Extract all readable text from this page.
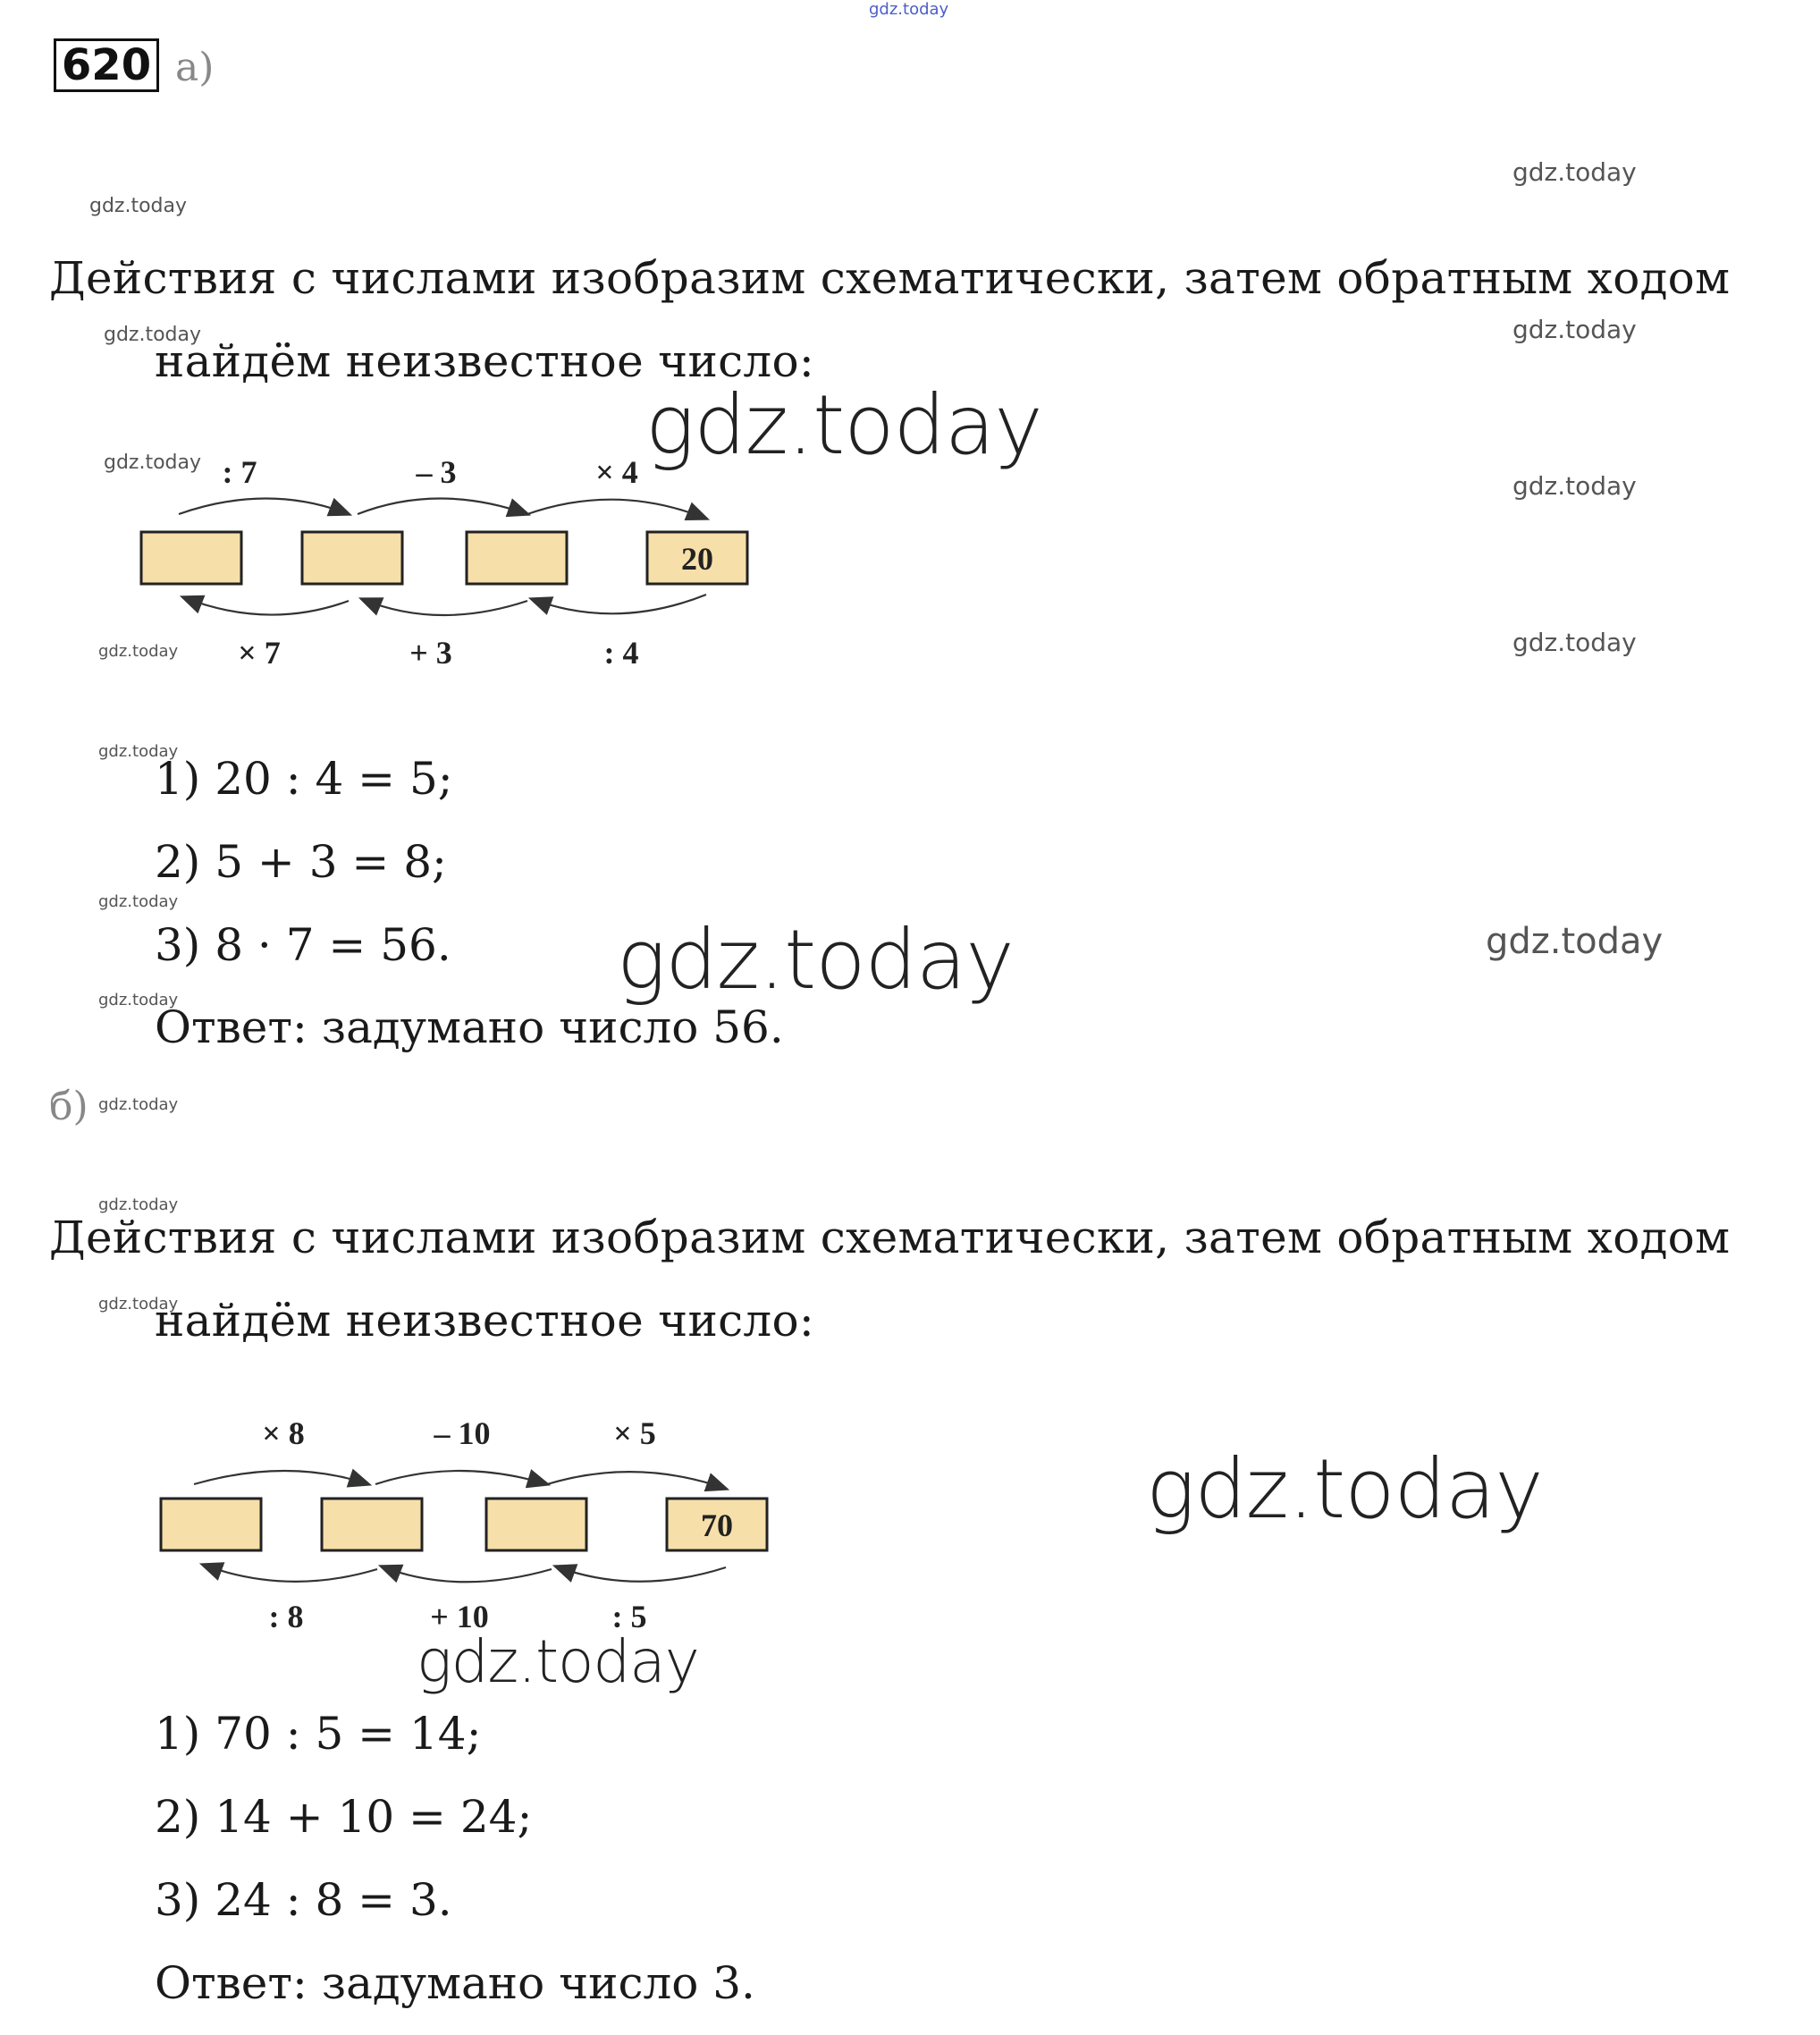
gdz.today
620 а)
gdz.today
gdz.today
Действия с числами изобразим схематически, затем обратным ходом
gdz.today	gdz.today
найдём неизвестное число:
gdz.today
gdz.today
gdz.today
: 7	– 3	× 4
20
× 7	+ 3	: 4
gdz.today	gdz.today
gdz.today
1) 20 : 4 = 5;
2) 5 + 3 = 8;
gdz.today
3) 8 · 7 = 56. gdz.today	gdz.today
gdz.today
Ответ: задумано число 56.
б) gdz.today
gdz.today
Действия с числами изобразим схематически, затем обратным ходом
gdz.today
найдём неизвестное число:
× 8	– 10	× 5
70
: 8	+ 10	: 5
gdz.today
gdz.today
1) 70 : 5 = 14;
2) 14 + 10 = 24;
3) 24 : 8 = 3.
Ответ: задумано число 3.
